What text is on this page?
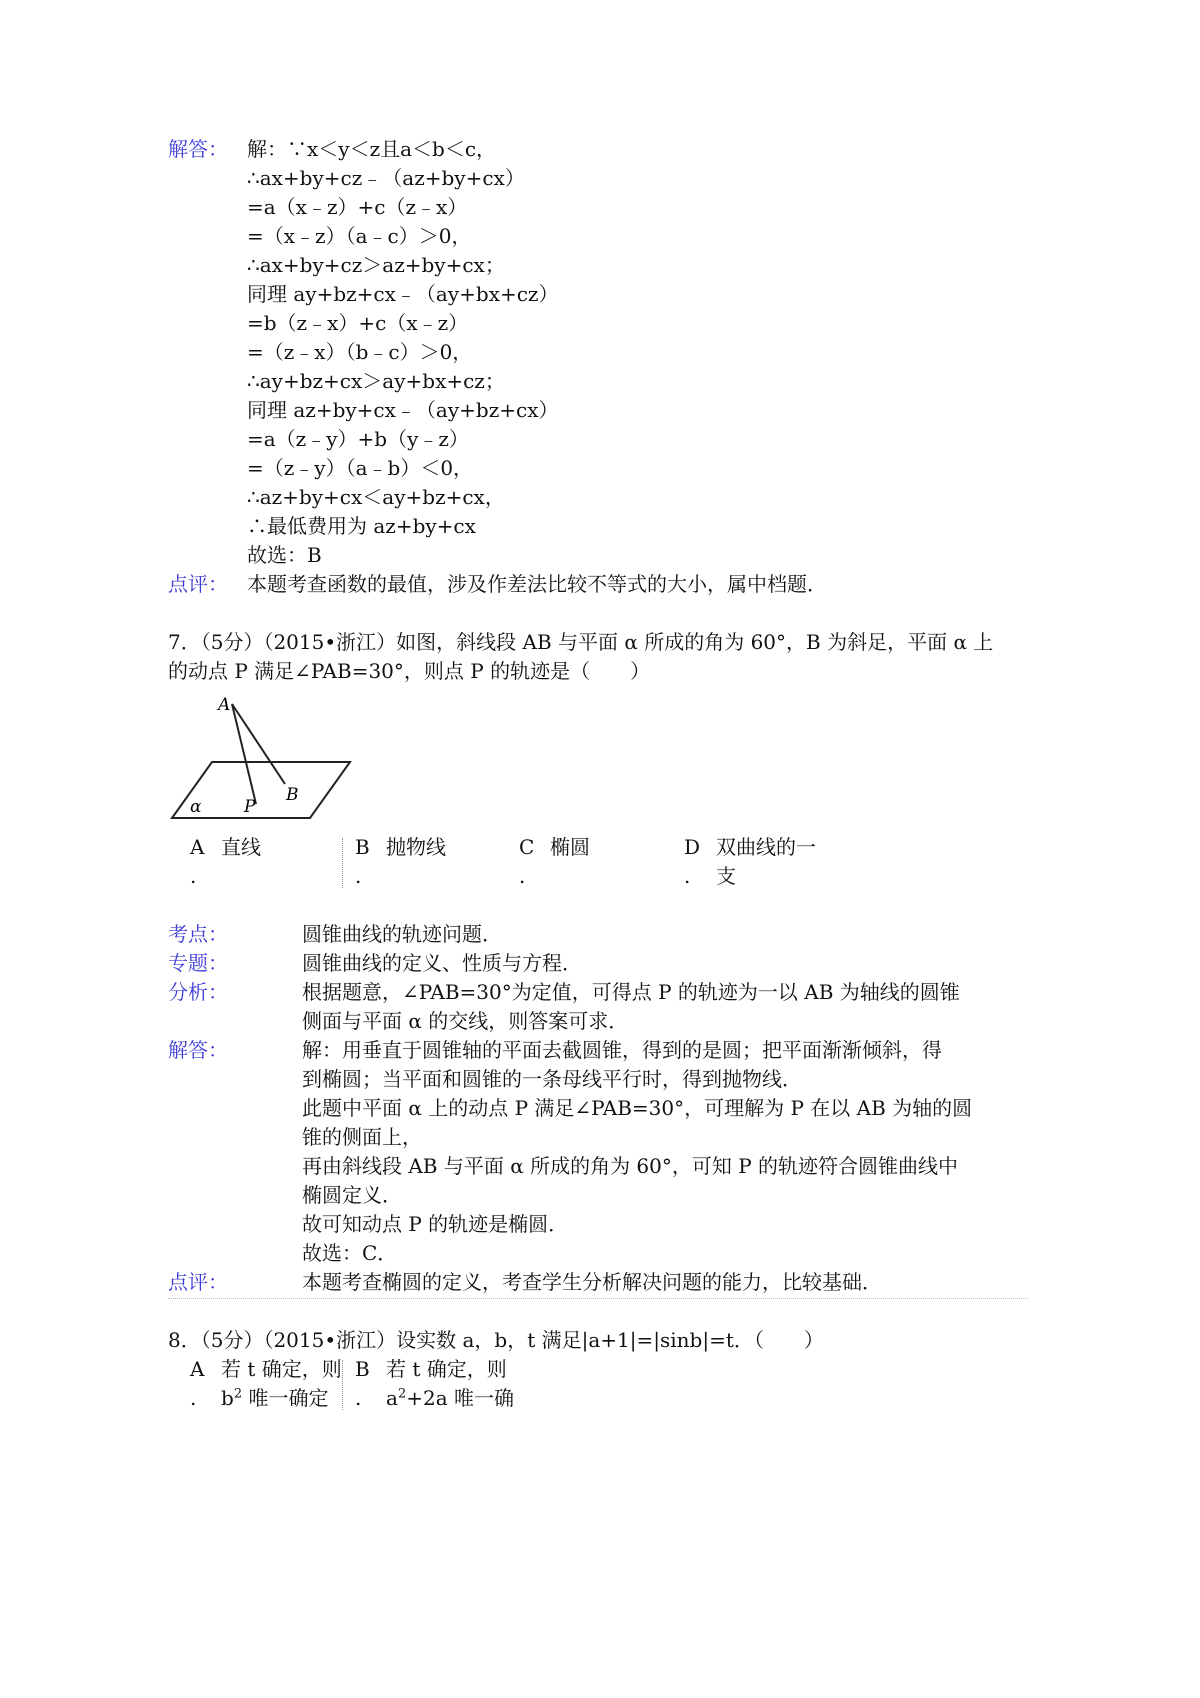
解答： 解：∵x＜y＜z且a＜b＜c，
∴ax+by+cz﹣（az+by+cx）
=a（x﹣z）+c（z﹣x）
=（x﹣z）（a﹣c）＞0，
∴ax+by+cz＞az+by+cx；
同理 ay+bz+cx﹣（ay+bx+cz）
=b（z﹣x）+c（x﹣z）
=（z﹣x）（b﹣c）＞0，
∴ay+bz+cx＞ay+bx+cz；
同理 az+by+cx﹣（ay+bz+cx）
=a（z﹣y）+b（y﹣z）
=（z﹣y）（a﹣b）＜0，
∴az+by+cx＜ay+bz+cx，
∴最低费用为 az+by+cx
故选：B
点评： 本题考查函数的最值，涉及作差法比较不等式的大小，属中档题．
7．（5分）（2015•浙江）如图，斜线段 AB 与平面 α 所成的角为 60°，B 为斜足，平面 α 上
的动点 P 满足∠PAB=30°，则点 P 的轨迹是（　　）
A
B
P
α
A 直线
.
B 抛物线
.
C 椭圆
.
D 双曲线的一
. 支
考点：	圆锥曲线的轨迹问题．
专题：	圆锥曲线的定义、性质与方程．
分析：	根据题意，∠PAB=30°为定值，可得点 P 的轨迹为一以 AB 为轴线的圆锥
侧面与平面 α 的交线，则答案可求．
解答：	解：用垂直于圆锥轴的平面去截圆锥，得到的是圆；把平面渐渐倾斜，得
到椭圆；当平面和圆锥的一条母线平行时，得到抛物线．
此题中平面 α 上的动点 P 满足∠PAB=30°，可理解为 P 在以 AB 为轴的圆
锥的侧面上，
再由斜线段 AB 与平面 α 所成的角为 60°，可知 P 的轨迹符合圆锥曲线中
椭圆定义．
故可知动点 P 的轨迹是椭圆．
故选：C．
点评：	本题考查椭圆的定义，考查学生分析解决问题的能力，比较基础．
8．（5分）（2015•浙江）设实数 a，b，t 满足|a+1|=|sinb|=t．（　　）
A 若 t 确定，则
. $b^2$ 唯一确定
B 若 t 确定，则
. $a^2+2a$ 唯一确
